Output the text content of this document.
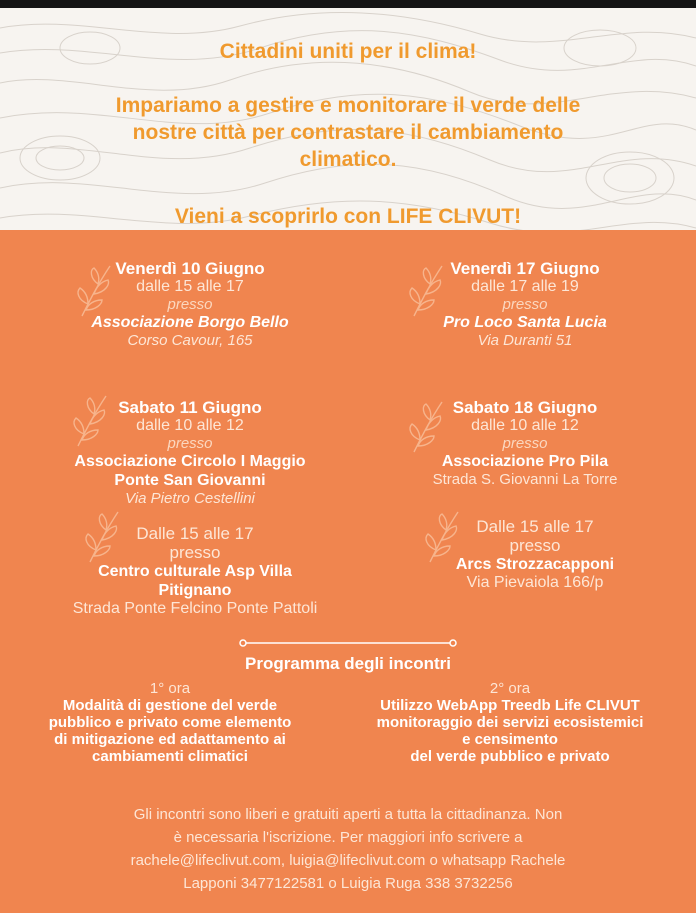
Cittadini uniti per il clima!
Impariamo a gestire e monitorare il verde delle
nostre città per contrastare il cambiamento
climatico.
Vieni a scoprirlo con LIFE CLIVUT!
Venerdì 10 Giugno
dalle 15 alle 17
presso
Associazione Borgo Bello
Corso Cavour, 165
Venerdì 17 Giugno
dalle 17 alle 19
presso
Pro Loco Santa Lucia
Via Duranti 51
Sabato 11 Giugno
dalle 10 alle 12
presso
Associazione Circolo I Maggio
Ponte San Giovanni
Via Pietro Cestellini
Sabato 18 Giugno
dalle 10 alle 12
presso
Associazione Pro Pila
Strada S. Giovanni La Torre
Dalle 15 alle 17
presso
Centro culturale Asp Villa
Pitignano
Strada Ponte Felcino Ponte Pattoli
Dalle 15 alle 17
presso
Arcs Strozzacapponi
Via Pievaiola 166/p
Programma degli incontri
1° ora
Modalità di gestione del verde
pubblico e privato come elemento
di mitigazione ed adattamento ai
cambiamenti climatici
2° ora
Utilizzo WebApp Treedb Life CLIVUT
monitoraggio dei servizi ecosistemici
e censimento
del verde pubblico e privato
Gli incontri sono liberi e gratuiti aperti a tutta la cittadinanza. Non
è necessaria l'iscrizione. Per maggiori info scrivere a
rachele@lifeclivut.com, luigia@lifeclivut.com o whatsapp Rachele
Lapponi 3477122581 o Luigia Ruga 338 3732256
